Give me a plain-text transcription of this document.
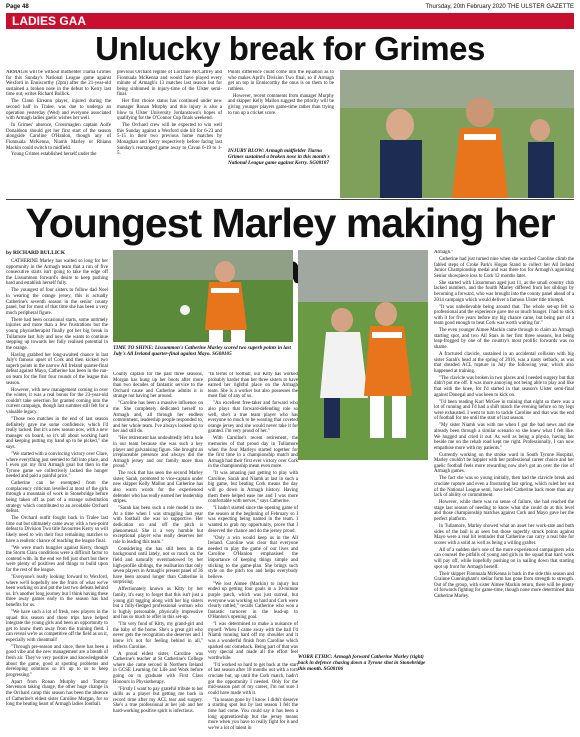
Page 48	Thursday, 20th February 2020 THE ULSTER GAZETTE
LADIES GAA
Unlucky break for Grimes

ARMAGH will be without midfielder Tiarna Grimes for this Sunday's National League game against Wexford in Enniscorthy (2pm) after the 21-year-old sustained a broken nose in the defeat to Kerry last time out, writes Richard Bullick.

The Clann Eireann player, injured during the second half in Tralee, was due to undergo an operation yesterday (Wed) and everyone associated with Armagh ladies gaelic wishes her well.

In Grimes' absence, Crossmaglen captain Aoife Donaldson should get her first start of the season alongside Caroline O'Hanlon, though any of Fionnuala McKenna, Niamh Marley or Rhiann Mackin could switch to midfield.

Young Grimes established herself under the

previous Orchard regime of Lorraine McCaffrey and Fionnuala McKenna and would have played every minute of Armagh's 13 matches last season but for being sinbinned in injury-time of the Ulster semi-final.

Her first choice status has continued under new manager Ronan Murphy and this injury is also a blow to Ulster University Jordanstown's hopes of qualifying for the O'Connor Cup finals weekend.

The Orchard crew will be expected to win well this Sunday against a Wexford side hit for 6-23 and 5-15 in their two previous home matches by Monaghan and Kerry respectively before facing last Sunday's rearranged game away to Cavan 6-19 to 1-5.

Points difference could come into the equation as to who makes April's Division Two final, so if Armagh get on top in Enniscorthy the onus is on them to be ruthless.

However, recent comments from manager Murphy and skipper Kelly Mallon suggest the priority will be giving younger players game-time rather than trying to run up a cricket score.

INJURY BLOW: Armagh midfielder Tiarna Grimes sustained a broken nose in this month's National League game against Kerry. SG08107
Youngest Marley making her
by RICHARD BULLICK

CATHERINE Marley has waited so long for her opportunity in the Armagh team that a run of five consecutive starts isn't going to take the edge off the Lissummon forward's desire to keep pushing hard and establish herself fully.

The youngest of four sisters to follow dad Noel in wearing the orange jersey, this is actually Catherine's seventh season in the senior county panel, but for most of that time she has been a very much peripheral figure.

There had been occasional starts, some untimely injuries and more than a few frustrations but the young physiotherapist finally got her big break in Tullamore last July and now she wants to continue stepping up towards her fully realised potential in the orange.

Having grabbed her long-awaited chance in last July's famous upset of Cork and then kicked two superb points in the narrow All Ireland quarter-final defeat against Mayo, Catherine has been in the run-on team for the first four rounds of the league this season.

However, with new management coming in over the winter, it was a real bonus for the 23-year-old couldn't take selection for granted coming into the current campaign, though last summer still felt for a valuable legacy.

"Those two matches in the end of last season definitely gave me some confidence, which I'd really lacked. But it's a new season now, with a new manager on board, so it's all about working hard and keeping putting my hand up to be picked," she says.

"We started with a convincing victory over Clare, where everything just seemed to fall into place, and I even got my first Armagh goal but then in the Tyrone game we collectively lacked the hunger needed and paid a painful price."

Catherine can be exempted from the complacency criticism levelled at most of the girls through a mountain of work in Stonebridge before being taken off as part of a strange substitution strategy which contributed to an avoidable Orchard defeat.

The Orchard outfit fought back in Tralee last time out but ultimately came away with a two-point defeat to Division Two title favourites Kerry so will likely need to win their four remaining matches to have a realistic chance of reaching the league final.

"We were much hungrier against Kerry, though the Storm Ciara conditions were a difficult factor to contend with. In the end we fell just short but there were plenty of positives and things to build upon for the rest of the league.

"Everyone's really looking forward to Wexford, where we'll hopefully see the fruits of what we've been working on and put the last two defeats behind us. It's another long journey but I think having these three away games early in the season has had benefits for us.

"We have such a lot of fresh, new players in the squad this season and those trips have helped integrate the young girls and been an opportunity to get to know them away from the training field. I can reveal we're as competitive off the field as on it, especially with cheatmail!

"Through pre-season and since, there has been a good vibe and the new management are a breath of fresh air. They've very positive and knowledgeable about the game, good at spotting problems and developing solutions so it's up to us to keep progressing."

Apart from Ronan Murphy and Tommy Stevenson taking charge, the other huge change in the Orchard camp this season has been the absence of Catherine's eldest sister Caroline Morgan, for so long the beating heart of Armagh ladies football.

TIME TO SHINE: Lissummon's Catherine Marley scored two superb points in last July's All Ireland quarter-final against Mayo. SG08105

County captain for the past three seasons, Morgan has hung up her boots after more than two decades of fantastic service to the Orchard cause and Catherine admits it is strange not having her around.

"Caroline has been a massive influence on me. She completely dedicated herself to Armagh and, all through her endless commitment, leadership people responded to, and her whole team. I've always looked up to her and still do.

"Her retirement has undoubtedly left a hole in our team because she was such a key player and galvanising figure. She brought an irreplaceable presence and always did the Armagh jersey and our family more than proud."

The rock that has seen the second Marley sister, Sarah, promoted to vice-captain under new skipper Kelly Mallon and Catherine has also warm words for the experienced defender who has really earned her leadership stripes.

"Sarah has been such a role model to me. At a time when I was struggling last year with football she was so supportive. Her dedication on and off the pitch is phenomenal. She is a very humble but exceptional player who really deserves her role in leading this team."

Considering she has still been in the background until lately, not so much on the field and naturally overshadowed by her high-profile siblings, the realisation that only seven players in Armagh's present panel of 36 have been around longer than Catherine is surprising.

Affectionately known as Kitty by her family, it's easy to forget that this isn't just a young girl tagging along with her big sisters but a fully-fledged professional woman who is highly personable, physically impressive and has so much to offer in this set-up.

"I'm very fond of Kitty, my grand-girl and the baby of the home. She's a great girl who never gets the recognition she deserves and I know it's not for feeling behind in all," reflects Caroline.

A proud eldest sister, Caroline was Catherine's teacher at St Catherine's College where she came second in Northern Ireland in GCSE Learning for Life and Work before going on to graduate with First Class Honours in Physiotherapy.

"Firstly I want to pay grateful tribute to her skills as a player but getting me back in record time after my ACL tear and surgery. She's a true professional at her job and her hard-working positive spirit is infectious.

"In terms of football, our Kitty has worked probably harder than her three sisters to have earned her rightful place on the Armagh team. She is a worker but also possesses the most flair of any of us.

"An excellent free-taker and forward who also plays that forward-defending role so well, she's a true team player who has everyone so much to be wearing that coveted orange jersey and she would never take it for granted. I'm very proud of her."

With Caroline's recent retirement, the memories of that proud day in Tullamore when the four Marleys started together for the first time in a championship match and Armagh had their first ever victory over Cork in the championship mean even more.

"It was amazing just getting to play with Caroline, Sarah and Niamh at last in such a big game, but beating Cork means the day will go down in Armagh history. Having them there helped ease me and I was more comfortable with nerves," says Catherine.

"I hadn't started since the opening game of the season at the beginning of February so I was expecting being named in the team. I wanted to grab my opportunity, prove that I deserved the chance and do the jersey proud.

"Only a win would keep us in the All Ireland. Caroline was clear that everyone needed to play the game of our lives and Caroline O'Hanlon emphasised the importance of keeping things simple and sticking to the game-plan. She brings such style on the pitch too and helps everybody believe.

"We lost Aimee (Mackin) to injury but ended up getting four goals in a 10-minute purple patch, which was just surreal, but everyone was working so hard and Cork were clearly rattled," recalls Catherine who won a fantastic turnover in the lead-up to O'Hanlon's opening goal.

"I was determined to make a nuisance of myself. When I came away with the ball I'd Niamh running hard off my shoulder and it was a wonderful finish from Caroline which sparked our comeback. Being part of that was very special and made all the effort feel worthwhile.

"I'd worked so hard to get back at the start of last season after 18 months out with a torn cruciate but, up until the Cork match, hadn't got the opportunity I needed. Only for the mid-season part of my career, I'm not sure I could have made with it.

"In season gone by I know I didn't deserve a starting spot but by last season I felt the time had come. You could say it has been a long apprenticeship but the jersey means more when you have to really fight for it and we've a lot of talent in

WORK ETHIC: Armagh forward Catherine Marley (right) back in defence chasing down a Tyrone shot in Stonebridge this month. SG08106

Armagh."

Catherine had just turned nine when she watched Caroline climb the fabled steps of Croke Park's Hogan Stand to collect her All Ireland Junior Championship medal and was there too for Armagh's agonising Senior showpiece loss to Cork 12 months later.

She started with Lissummon aged just 11, as the small country club lacked numbers, and the fourth Marley differed from her siblings by becoming a forward, who was brought into the county panel ahead of a 2014 campaign which would deliver a famous Ulster title triumph.

"It was unbelievable being around that. The whole set-up felt so professional and the experience gave me so much hunger. I had to stick with it for five years before my big chance came, but being part of a team good enough to beat Cork was worth waiting for."

The even younger Aimee Mackin came through to claim an Armagh starting spot, and two All Stars in her first three seasons, but being leap-frogged by one of the country's most prolific forwards was no shame.

A fractured clavicle, sustained in an accidental collision with big sister Sarah's head at the spring of 2016, was a nasty setback, as was that dreaded ACL rupture in July the following year, which also happened at training.

"The clavicle was broken in two places and I needed surgery but that didn't put me off. It was more annoying not being able to play and like that with the knee, for I'd started in that season's Ulster semi-final against Donegal and was keen to kick on.

"I'd been reading Karl McGee in training that night so there was a lot of running and I'd had a shift match the evening before so my legs were exhausted. I went to turn to tackle Caroline and that was the end of football for me until the start of last season.

"My sister Niamh was with me when I got the bad news and she already been through a similar scenario so she knew what I felt like. We hugged and cried it out. As well as being a physio, having her beside me on the rehab road kept me right. Professionally, I can now empathise more with my patients."

Currently working on the stroke ward in South Tyrone Hospital, Marley couldn't be happier with her professional career choice and her gaelic football feels more rewarding now she's got an over the rise of Armagh games.

The fact she was so young initially, then had the clavicle break and cruciate rupture and even a frustrating last spring, which ruled her out of the National League semi, have held Catherine back more than any lack of ability or commitment.

However, while there was no sense of failure, she had reached the stage last season of needing to know what she could do at this level and those championship matches against Cork and Mayo gave her the perfect platform.

In Tullamore, Marley showed what an asset her work-rate and both sides of the ball is as seen but those superbly struck points against Mayo were a real bit reminder that Catherine can carry a real bite for scores with a solid as well as being a willing grafter.

All of a sudden she's one of the more experienced campaigners who can counsel the pitfalls of young and girls in the squad that hard work will pay off, while hopefully pushing on in nailing down that starting spot up front for Armagh herself.

Their skipper Fionnuala McKenna is back in the side this season and Grainne Cunningham's stellar form has gone from strength to strength. Out of the group, with sister Aimee Mackin return, there will be plenty of forwards fighting for game-time, though none more determined than Catherine Marley.
